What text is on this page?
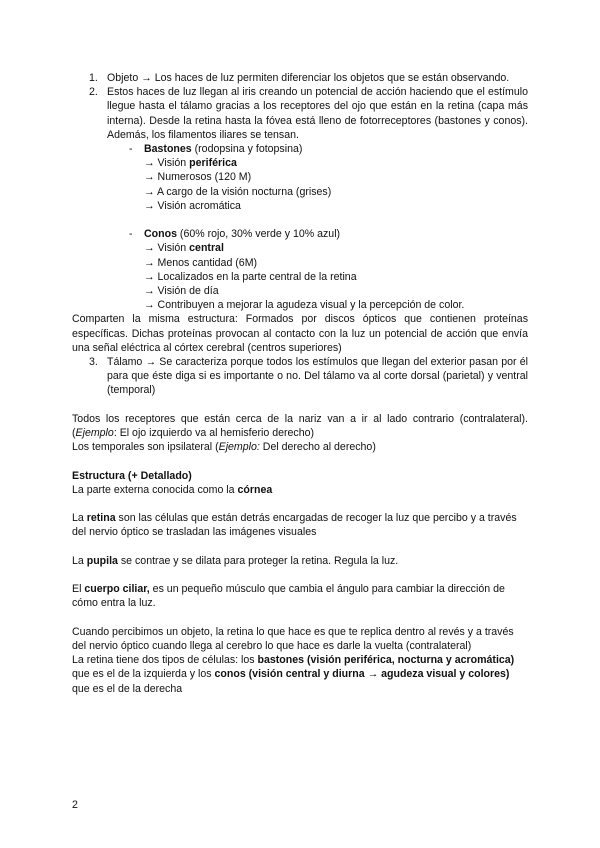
1. Objeto → Los haces de luz permiten diferenciar los objetos que se están observando.
2. Estos haces de luz llegan al iris creando un potencial de acción haciendo que el estímulo llegue hasta el tálamo gracias a los receptores del ojo que están en la retina (capa más interna). Desde la retina hasta la fóvea está lleno de fotorreceptores (bastones y conos). Además, los filamentos iliares se tensan.
- Bastones (rodopsina y fotopsina)
→ Visión periférica
→ Numerosos (120 M)
→ A cargo de la visión nocturna (grises)
→ Visión acromática
- Conos (60% rojo, 30% verde y 10% azul)
→ Visión central
→ Menos cantidad (6M)
→ Localizados en la parte central de la retina
→ Visión de día
→ Contribuyen a mejorar la agudeza visual y la percepción de color.
Comparten la misma estructura: Formados por discos ópticos que contienen proteínas específicas. Dichas proteínas provocan al contacto con la luz un potencial de acción que envía una señal eléctrica al córtex cerebral (centros superiores)
3. Tálamo → Se caracteriza porque todos los estímulos que llegan del exterior pasan por él para que éste diga si es importante o no. Del tálamo va al corte dorsal (parietal) y ventral (temporal)
Todos los receptores que están cerca de la nariz van a ir al lado contrario (contralateral). (Ejemplo: El ojo izquierdo va al hemisferio derecho)
Los temporales son ipsilateral (Ejemplo: Del derecho al derecho)
Estructura (+ Detallado)
La parte externa conocida como la córnea
La retina son las células que están detrás encargadas de recoger la luz que percibo y a través del nervio óptico se trasladan las imágenes visuales
La pupila se contrae y se dilata para proteger la retina. Regula la luz.
El cuerpo ciliar, es un pequeño músculo que cambia el ángulo para cambiar la dirección de cómo entra la luz.
Cuando percibimos un objeto, la retina lo que hace es que te replica dentro al revés y a través del nervio óptico cuando llega al cerebro lo que hace es darle la vuelta (contralateral)
La retina tiene dos tipos de células: los bastones (visión periférica, nocturna y acromática) que es el de la izquierda y los conos (visión central y diurna → agudeza visual y colores) que es el de la derecha
2
